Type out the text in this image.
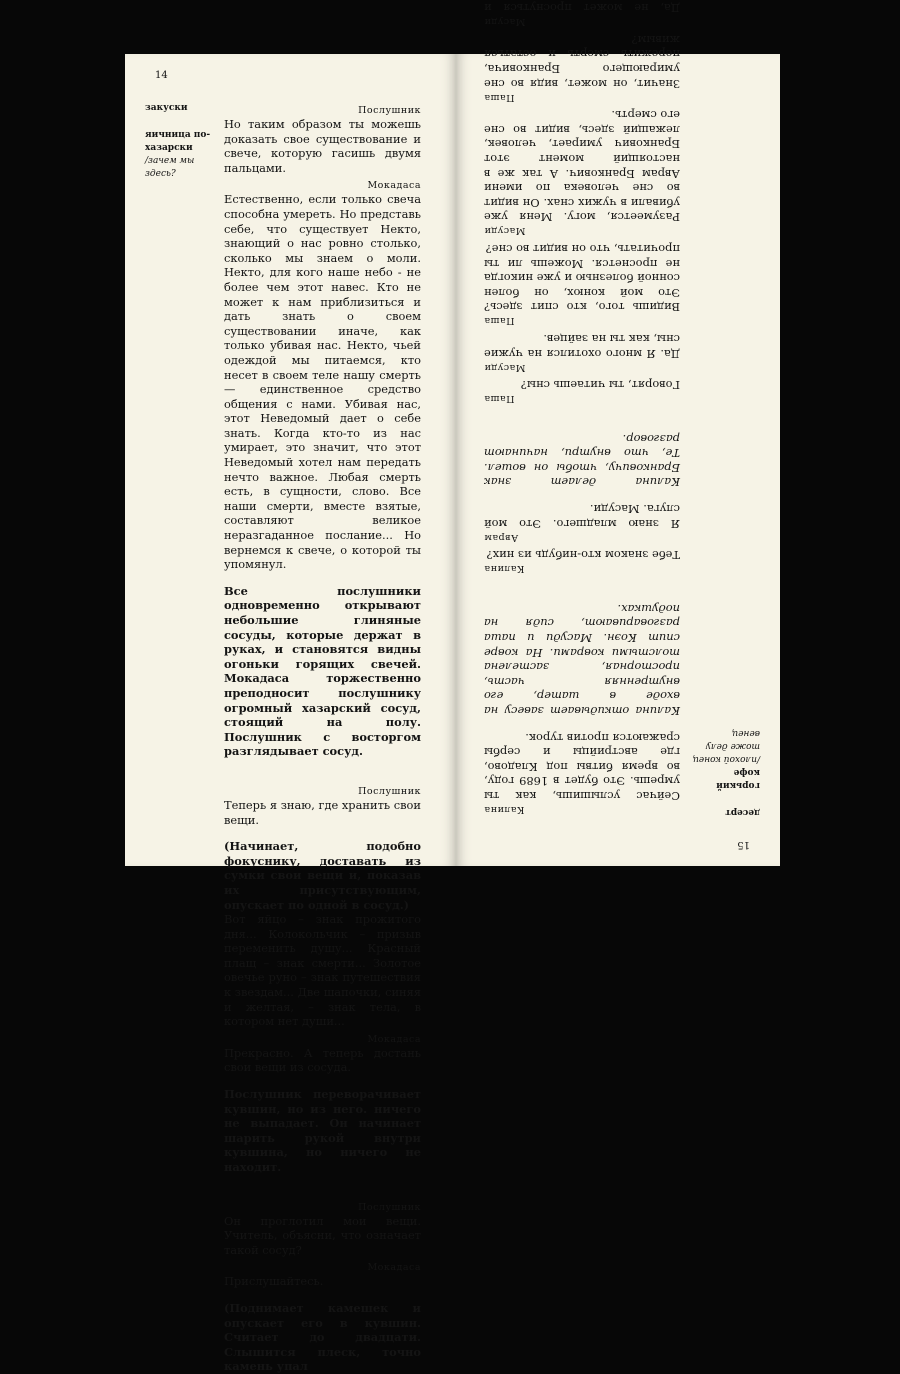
14
закуски
яичница по-хазарски
/зачем мы здесь?

Послушник

Но таким образом ты можешь доказать свое существование и свече, которую гасишь двумя пальцами.

Мокадаса

Естественно, если только свеча способна умереть. Но представь себе, что существует Некто, знающий о нас ровно столько, сколько мы знаем о моли. Некто, для кого наше небо - не более чем этот навес. Кто не может к нам приблизиться и дать знать о своем существовании иначе, как только убивая нас. Некто, чьей одеждой мы питаемся, кто несет в своем теле нашу смерть — единственное средство общения с нами. Убивая нас, этот Неведомый дает о себе знать. Когда кто-то из нас умирает, это значит, что этот Неведомый хотел нам передать нечто важное. Любая смерть есть, в сущности, слово. Все наши смерти, вместе взятые, составляют великое неразгаданное послание... Но вернемся к свече, о которой ты упомянул.

Все послушники одновременно открывают небольшие глиняные сосуды, которые держат в руках, и становятся видны огоньки горящих свечей. Мокадаса торжественно преподносит послушнику огромный хазарский сосуд, стоящий на полу. Послушник с восторгом разглядывает сосуд.

Послушник

Теперь я знаю, где хранить свои вещи.

(Начинает, подобно фокуснику, доставать из сумки свои вещи и, показав их присутствующим, опускает по одной в сосуд.)

Вот яйцо – знак прожитого дня... Колокольчик – призыв переменить душу... Красный плащ – знак смерти... Золотое овечье руно – знак путешествия к звездам... Две шапочки, синяя и желтая, – знак тела, в котором нет души...

Мокадаса

Прекрасно. А теперь достань свои вещи из сосуда.

Послушник переворачивает кувшин, но из него. ничего не выпадает. Он начинает шарить рукой внутри кувшина, но ничего не находит.

Послушник

Он проглотил мои вещи. Учитель, объясни, что означает такой сосуд?

Мокадаса

Прислушайтесь.

(Поднимает камешек и опускает его в кувшин. Считает до двадцати. Слышится плеск, точно камень упал

15
десерт
горький кофе
/плохой конец тоже делу венец

Калина

Сейчас услышишь, как ты умрешь. Это будет в 1689 году, во время битвы под Кладово, где австрийцы и сербы сражаются против турок.

Калина откидывает завесу на входе в шатер, его внутренняя часть, просторная, застелена толстыми коврами. На ковре спит Коэн. Масуди и паша разговаривают, сидя на подушках.

Калина

Тебе знаком кто-нибудь из них?

Аврам

Я знаю младшего. Это мой слуга. Масуди.

Калина делает знак Бранковичу, чтобы он вошел. Те, что внутри, начинают разговор.

Паша

Говорят, ты читаешь сны?

Масуди

Да. Я много охотился на чужие сны, как ты на зайцев.

Паша

Видишь того, кто спит здесь? Это мой конюх, он болен сонной болезнью и уже никогда не проснется. Можешь ли ты прочитать, что он видит во сне?

Масуди

Разумеется, могу. Меня уже убивали в чужих снах. Он видит во сне человека по имени Аврам Бранкович. А так же в настоящий момент этот Бранкович умирает, человек, лежащий здесь, видит во сне его смерть.

Паша

Значит, он может, видя во сне умирающего Бранковича, пережить смерть и остаться живым?

Масуди

Да, не может проснуться и
